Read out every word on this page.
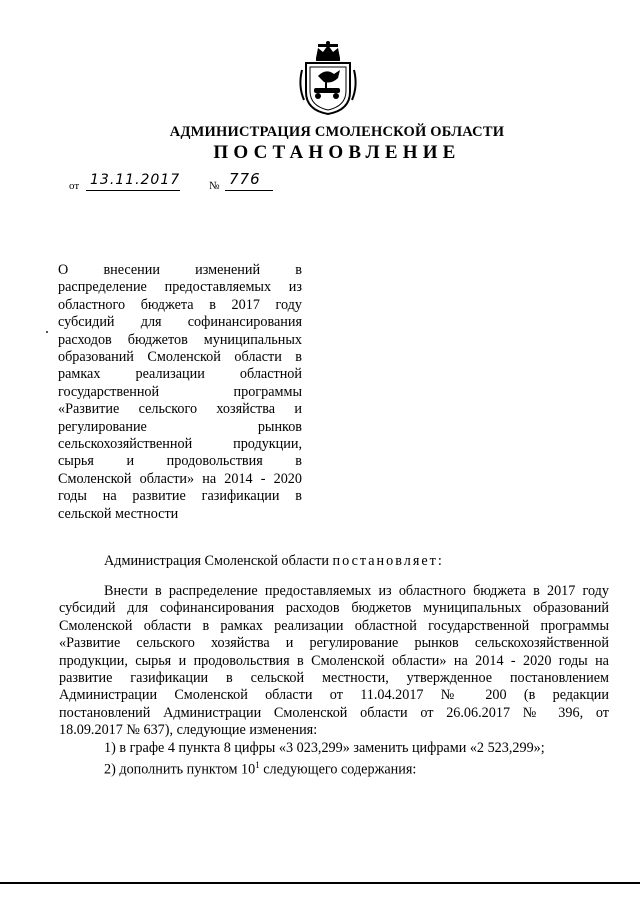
АДМИНИСТРАЦИЯ СМОЛЕНСКОЙ ОБЛАСТИ
ПОСТАНОВЛЕНИЕ
от 13.11.2017	№ 776
О внесении изменений в
распределение предоставляемых из
областного бюджета в 2017 году
субсидий для софинансирования
расходов бюджетов муниципальных
образований Смоленской области в
рамках реализации областной
государственной программы
«Развитие сельского хозяйства и
регулирование рынков
сельскохозяйственной продукции,
сырья и продовольствия в
Смоленской области» на 2014 - 2020
годы на развитие газификации в
сельской местности
Администрация Смоленской области постановляет:
Внести в распределение предоставляемых из областного бюджета в 2017 году
субсидий для софинансирования расходов бюджетов муниципальных образований
Смоленской области в рамках реализации областной государственной программы
«Развитие сельского хозяйства и регулирование рынков сельскохозяйственной
продукции, сырья и продовольствия в Смоленской области» на 2014 - 2020 годы на
развитие газификации в сельской местности, утвержденное постановлением
Администрации Смоленской области от 11.04.2017 № 200 (в редакции
постановлений Администрации Смоленской области от 26.06.2017 № 396, от
18.09.2017 № 637), следующие изменения:
1) в графе 4 пункта 8 цифры «3 023,299» заменить цифрами «2 523,299»;
2) дополнить пунктом $10^1$ следующего содержания:
